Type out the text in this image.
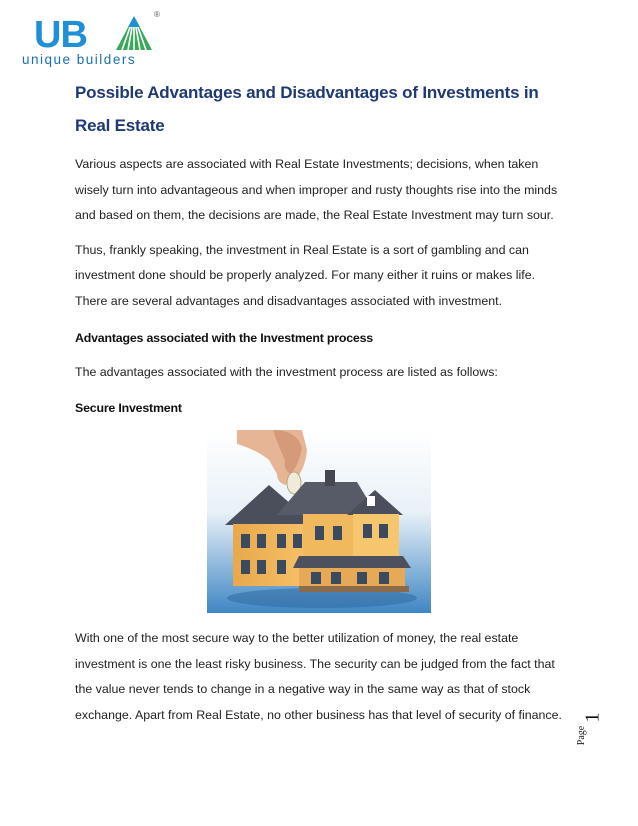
UB	®
unique builders
Possible Advantages and Disadvantages of Investments in Real Estate

Various aspects are associated with Real Estate Investments; decisions, when taken wisely turn into advantageous and when improper and rusty thoughts rise into the minds and based on them, the decisions are made, the Real Estate Investment may turn sour.

Thus, frankly speaking, the investment in Real Estate is a sort of gambling and can investment done should be properly analyzed. For many either it ruins or makes life. There are several advantages and disadvantages associated with investment.

Advantages associated with the Investment process

The advantages associated with the investment process are listed as follows:

Secure Investment

With one of the most secure way to the better utilization of money, the real estate investment is one the least risky business. The security can be judged from the fact that the value never tends to change in a negative way in the same way as that of stock exchange. Apart from Real Estate, no other business has that level of security of finance.

Page
1
